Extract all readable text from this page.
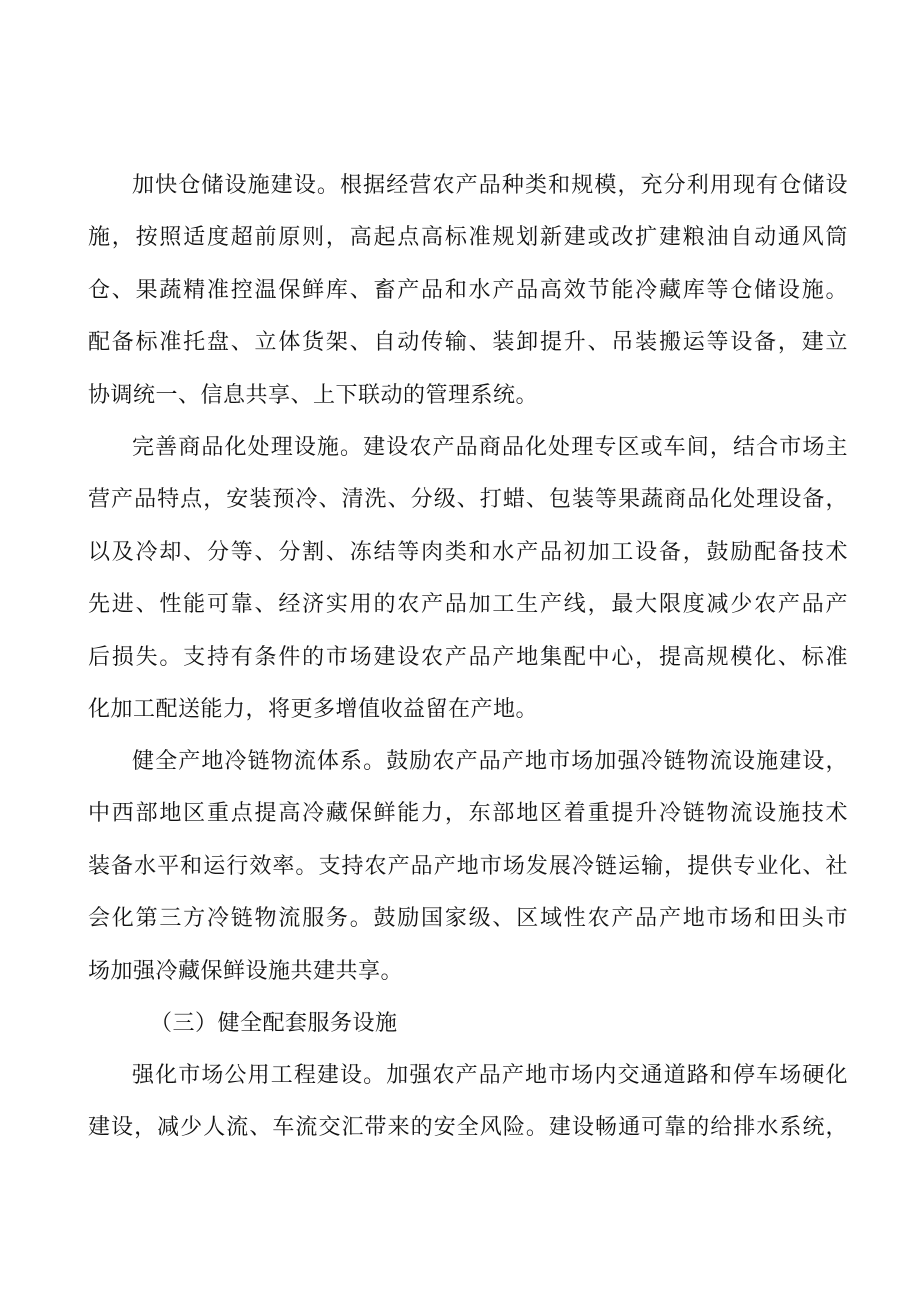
加快仓储设施建设。根据经营农产品种类和规模，充分利用现有仓储设
施，按照适度超前原则，高起点高标准规划新建或改扩建粮油自动通风筒
仓、果蔬精准控温保鲜库、畜产品和水产品高效节能冷藏库等仓储设施。
配备标准托盘、立体货架、自动传输、装卸提升、吊装搬运等设备，建立
协调统一、信息共享、上下联动的管理系统。
完善商品化处理设施。建设农产品商品化处理专区或车间，结合市场主
营产品特点，安装预冷、清洗、分级、打蜡、包装等果蔬商品化处理设备，
以及冷却、分等、分割、冻结等肉类和水产品初加工设备，鼓励配备技术
先进、性能可靠、经济实用的农产品加工生产线，最大限度减少农产品产
后损失。支持有条件的市场建设农产品产地集配中心，提高规模化、标准
化加工配送能力，将更多增值收益留在产地。
健全产地冷链物流体系。鼓励农产品产地市场加强冷链物流设施建设，
中西部地区重点提高冷藏保鲜能力，东部地区着重提升冷链物流设施技术
装备水平和运行效率。支持农产品产地市场发展冷链运输，提供专业化、社
会化第三方冷链物流服务。鼓励国家级、区域性农产品产地市场和田头市
场加强冷藏保鲜设施共建共享。
（三）健全配套服务设施
强化市场公用工程建设。加强农产品产地市场内交通道路和停车场硬化
建设，减少人流、车流交汇带来的安全风险。建设畅通可靠的给排水系统，
